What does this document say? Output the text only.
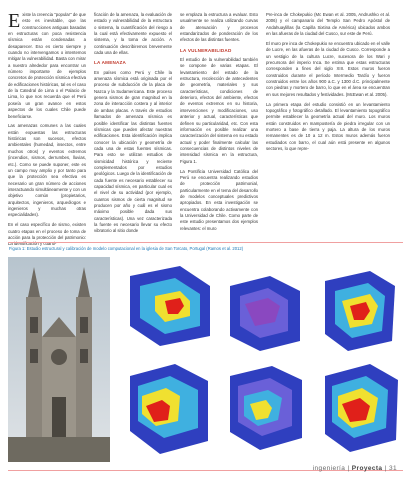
Existe la creencia "popular" de que esto es inevitable, que las construcciones antiguas basadas en estructuras con poca resistencia sísmica están condenadas a desaparecer. Eso es cierto siempre y cuando no intervengamos o intentemos mitigar la vulnerabilidad. Basta con mirar a nuestro alrededor para encontrar un número importante de ejemplos concretos de protección sísmica efectiva de edificaciones históricas, tal es el caso de la Catedral de Lima o el Palacio de Lima, lo que nos recuerda que el Perú poseía un gran avance en estos aspectos de los cuales Chile puede beneficiarse.

Las amenazas comunes a las cuales están expuestas las estructuras históricas son sucesos, efectos ambientales (humedad, insectos, entre muchos otros) y eventos extremos (incendios, sismos, derrumbes, lluvias, etc.). Como se puede suponer, este es un campo muy amplio y por tanto para que la protección sea efectiva es necesario un gran número de acciones interactuando simultáneamente y con un objetivo común (propietarios, arquitectos, ingenieros, arqueólogos e ingenieros y muchas otras especialidades).

En el caso específico de sismo, existen cuatro etapas en el proceso de toma de acción para la protección del patrimonio: La identificación y cuanti-

ficación de la amenaza, la evaluación de estado y vulnerabilidad de la estructura o sistema, la cuantificación del riesgo a la cual está efectivamente expuesto el sistema, y la toma de acción. A continuación describiremos brevemente cada una de ellas.

LA AMENAZA

En países como Perú y Chile la amenaza sísmica está originada por el proceso de subducción de la placa de Nazca y la Sudamericana. Este proceso genera sismos de gran magnitud en la zona de interacción costera y al interior de ambas placas. A través de estudios llamados de amenaza sísmica es posible identificar las distintas fuentes sísmicas que pueden afectar nuestras edificaciones. Esta identificación implica conocer la ubicación y geometría de cada una de estas fuentes sísmicas. Para esto se utilizan estudios de sismicidad histórica y reciente complementados por estudios geológicos. Luego de la identificación de cada fuente es necesario establecer su capacidad sísmica, en particular cual es el nivel de su actividad (por ejemplo, cuantos sismos de cierta magnitud se producen por año y cuál es el sismo máximo posible dada sus características). Una vez caracterizada la fuente es necesario llevar su efecto vibratorio al sitio donde

se emplaza la estructura a evaluar. Esto usualmente se realiza utilizando curvas de atenuación y procesos estandarizados de ponderación de los efectos de las distintas fuentes.

LA VULNERABILIDAD

El estudio de la vulnerabilidad también se compone de varias etapas. El levantamiento del estado de la estructura, recolección de antecedentes de geometría, materiales y sus características, condiciones de deterioro, efectos del ambiente, efectos de eventos extremos en su historia, intervenciones y modificaciones, uso anterior y actual, características que definen su particularidad, etc. Con esta información es posible realizar una caracterización del sistema en su estado actual y poder finalmente calcular las consecuencias de distintos niveles de intensidad sísmica en la estructura, Figura 1.

La Pontificia Universidad Católica del Perú se encuentra realizando estudios de protección patrimonial, particularmente en el tema del desarrollo de modelos conceptuales predictivos apropiados. En esta investigación se encuentra colaborando activamente con la Universidad de Chile. Como parte de este estudio presentamos dos ejemplos relevantes: el muro

Pre-inca de Chokepukio (Mc Ewan et al. 2005, Andrushko et al. 2006) y el campanario del Templo San Pedro Apóstol de Andahuaylillas (la Capilla Sixtina de América) ubicados ambos en las afueras de la ciudad del Cusco, sur este de Perú.

El muro pre inca de Chokepukio se encuentra ubicado en el valle de Lucre, en las afueras de la ciudad de Cusco. Corresponde a un vestigio de la cultura Lucre, sucesora de los Wari y precursora del imperio Inca. Se estima que estas estructuras corresponden a fines del siglo XIII. Estos muros fueron construidos durante el período Intermedio Tardío y fueron construidos entre los años 900 a.C. y 1300 d.C. principalmente con piedras y mortero de barro, lo que en el área se encuentran en sus mejores resultados y festividades. (McEwan et al. 2005).

La primera etapa del estudio consistió en un levantamiento topográfico y fotográfico detallado. El levantamiento topográfico permite establecer la geometría actual del muro. Los muros están construidos en mampostería de piedra irregular con un mortero a base de tierra y paja. La altura de los muros remanentes es de 10 a 12 m. Estos muros además fueron estudiados con barro, el cual aún está presente en algunos sectores, lo que repre-

Figura 1: Estudio estructural y calibración de modelo computacional en la iglesia de San Torcato, Portugal (Ramos et al. 2012)
ingeniería | Proyecta | 31
